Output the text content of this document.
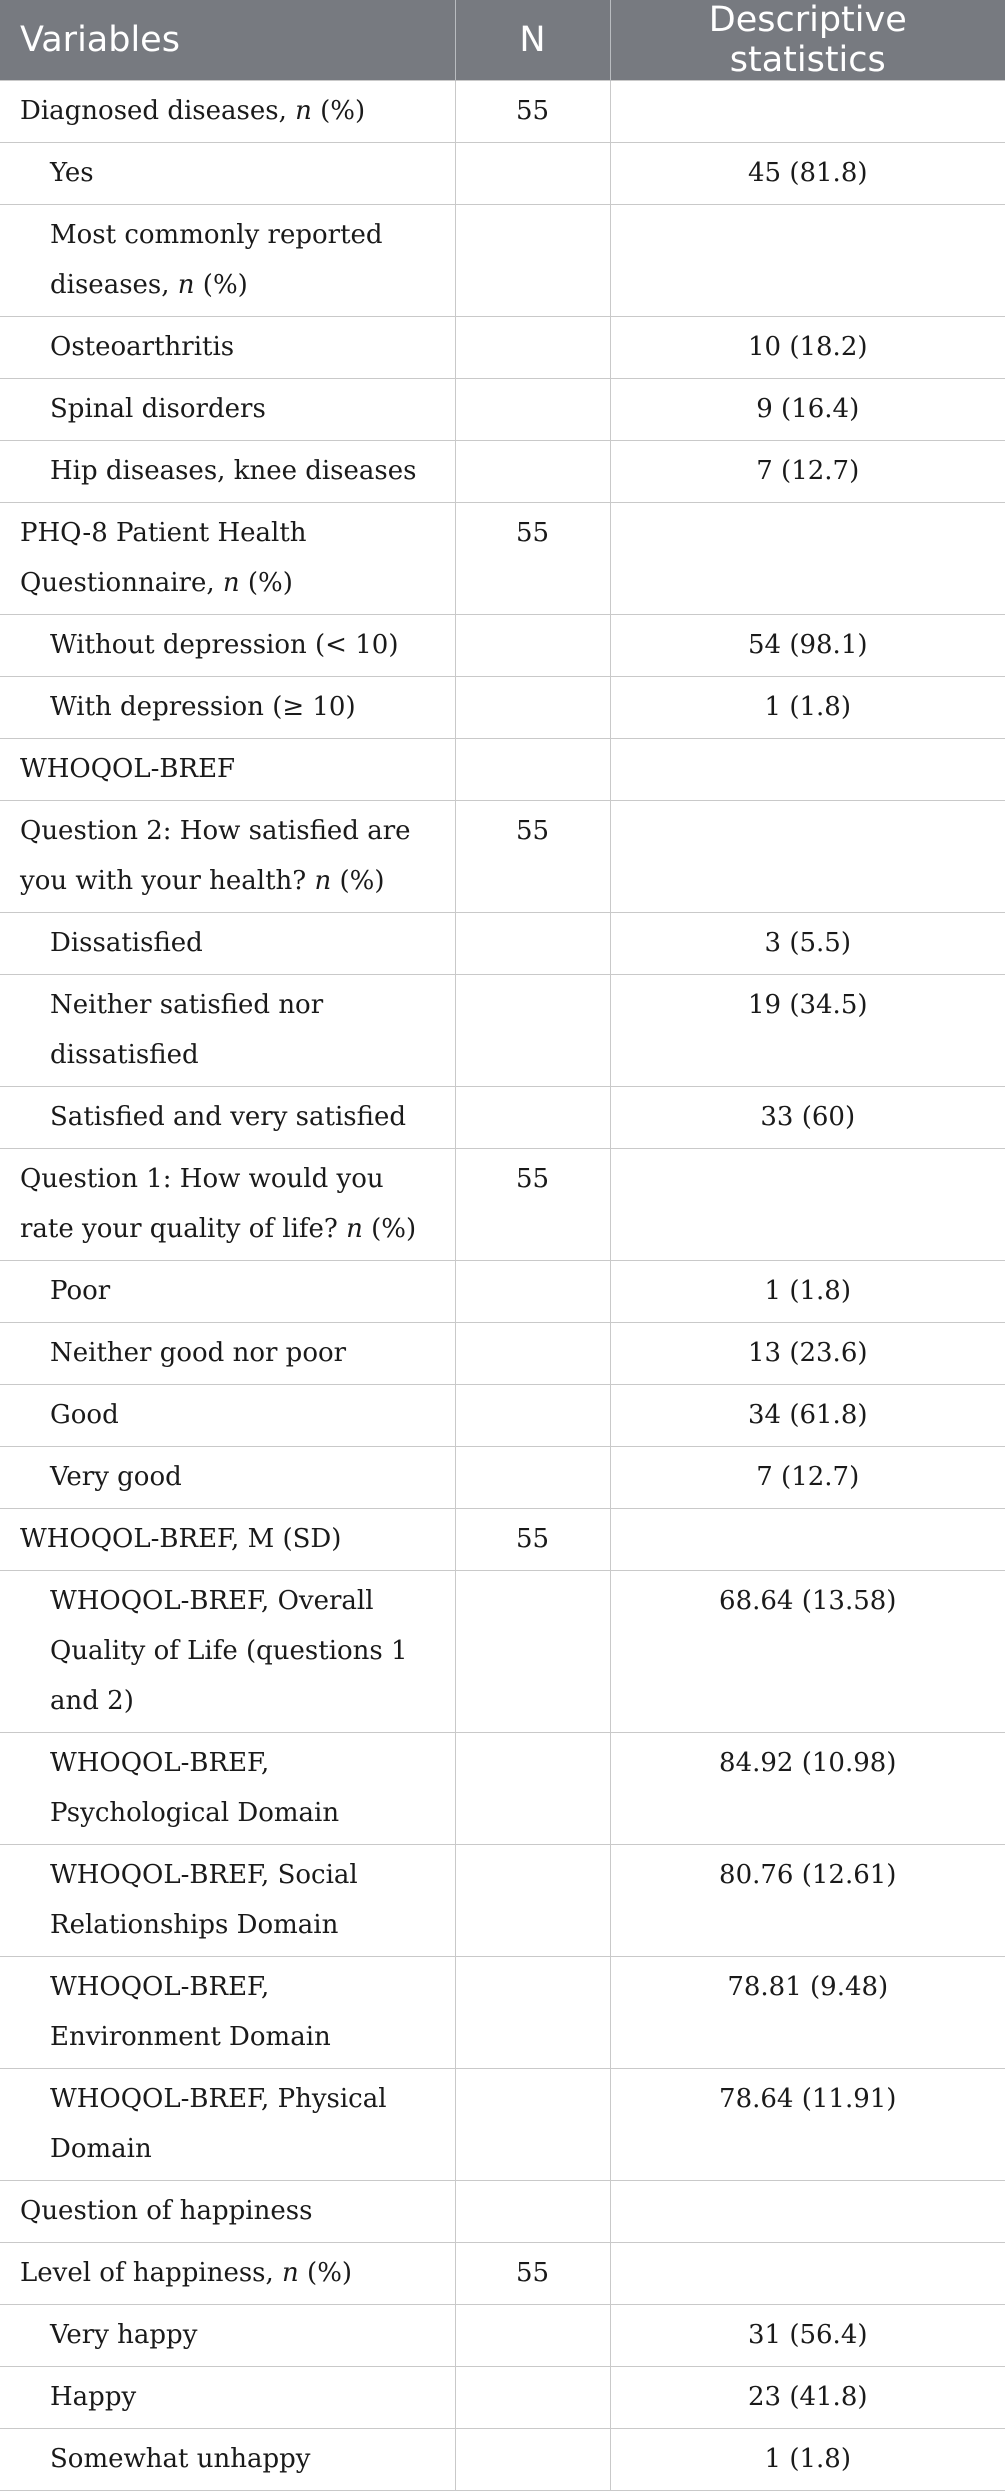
Variables	N	Descriptive statistics
Diagnosed diseases, n (%)	55	
Yes		45 (81.8)
Most commonly reported diseases, n (%)		
Osteoarthritis		10 (18.2)
Spinal disorders		9 (16.4)
Hip diseases, knee diseases		7 (12.7)
PHQ-8 Patient Health Questionnaire, n (%)	55	
Without depression (< 10)		54 (98.1)
With depression (≥ 10)		1 (1.8)
WHOQOL-BREF		
Question 2: How satisfied are you with your health? n (%)	55	
Dissatisfied		3 (5.5)
Neither satisfied nor dissatisfied		19 (34.5)
Satisfied and very satisfied		33 (60)
Question 1: How would you rate your quality of life? n (%)	55	
Poor		1 (1.8)
Neither good nor poor		13 (23.6)
Good		34 (61.8)
Very good		7 (12.7)
WHOQOL-BREF, M (SD)	55	
WHOQOL-BREF, Overall Quality of Life (questions 1 and 2)		68.64 (13.58)
WHOQOL-BREF, Psychological Domain		84.92 (10.98)
WHOQOL-BREF, Social Relationships Domain		80.76 (12.61)
WHOQOL-BREF, Environment Domain		78.81 (9.48)
WHOQOL-BREF, Physical Domain		78.64 (11.91)
Question of happiness		
Level of happiness, n (%)	55	
Very happy		31 (56.4)
Happy		23 (41.8)
Somewhat unhappy		1 (1.8)
